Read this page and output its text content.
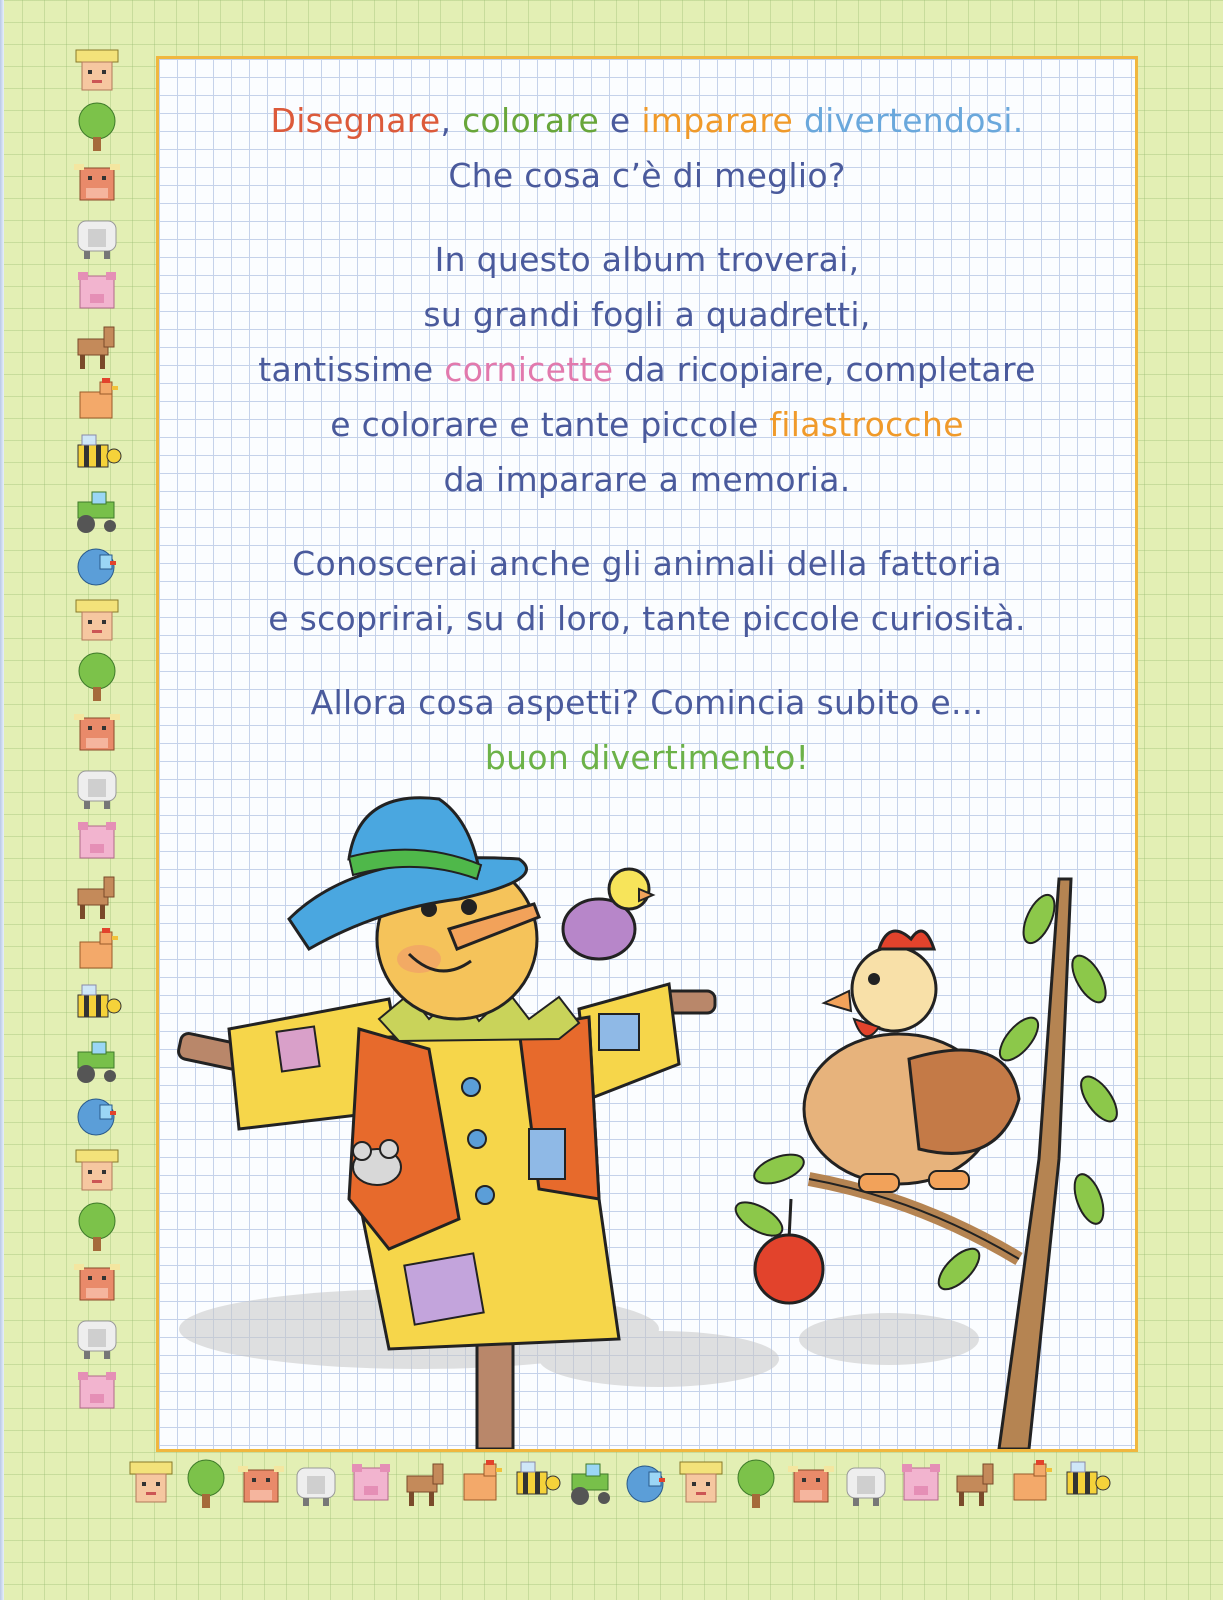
Disegnare, colorare e imparare divertendosi.
Che cosa c’è di meglio?

In questo album troverai,
su grandi fogli a quadretti,
tantissime cornicette da ricopiare, completare
e colorare e tante piccole filastrocche
da imparare a memoria.

Conoscerai anche gli animali della fattoria
e scoprirai, su di loro, tante piccole curiosità.

Allora cosa aspetti? Comincia subito e...
buon divertimento!
